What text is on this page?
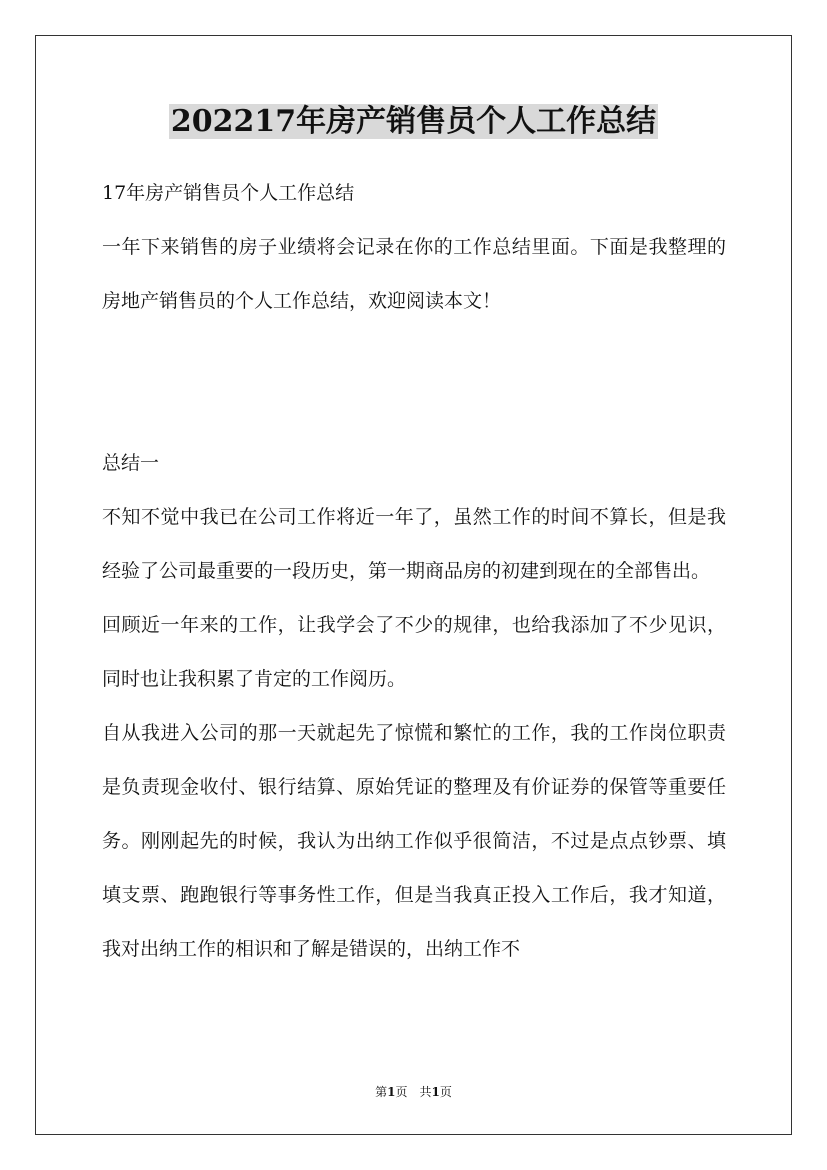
202217年房产销售员个人工作总结

17年房产销售员个人工作总结

一年下来销售的房子业绩将会记录在你的工作总结里面。下面是我整理的房地产销售员的个人工作总结，欢迎阅读本文！

总结一

不知不觉中我已在公司工作将近一年了，虽然工作的时间不算长，但是我经验了公司最重要的一段历史，第一期商品房的初建到现在的全部售出。

回顾近一年来的工作，让我学会了不少的规律，也给我添加了不少见识，同时也让我积累了肯定的工作阅历。

自从我进入公司的那一天就起先了惊慌和繁忙的工作，我的工作岗位职责是负责现金收付、银行结算、原始凭证的整理及有价证券的保管等重要任务。刚刚起先的时候，我认为出纳工作似乎很简洁，不过是点点钞票、填填支票、跑跑银行等事务性工作，但是当我真正投入工作后，我才知道，我对出纳工作的相识和了解是错误的，出纳工作不

第1页 共1页
